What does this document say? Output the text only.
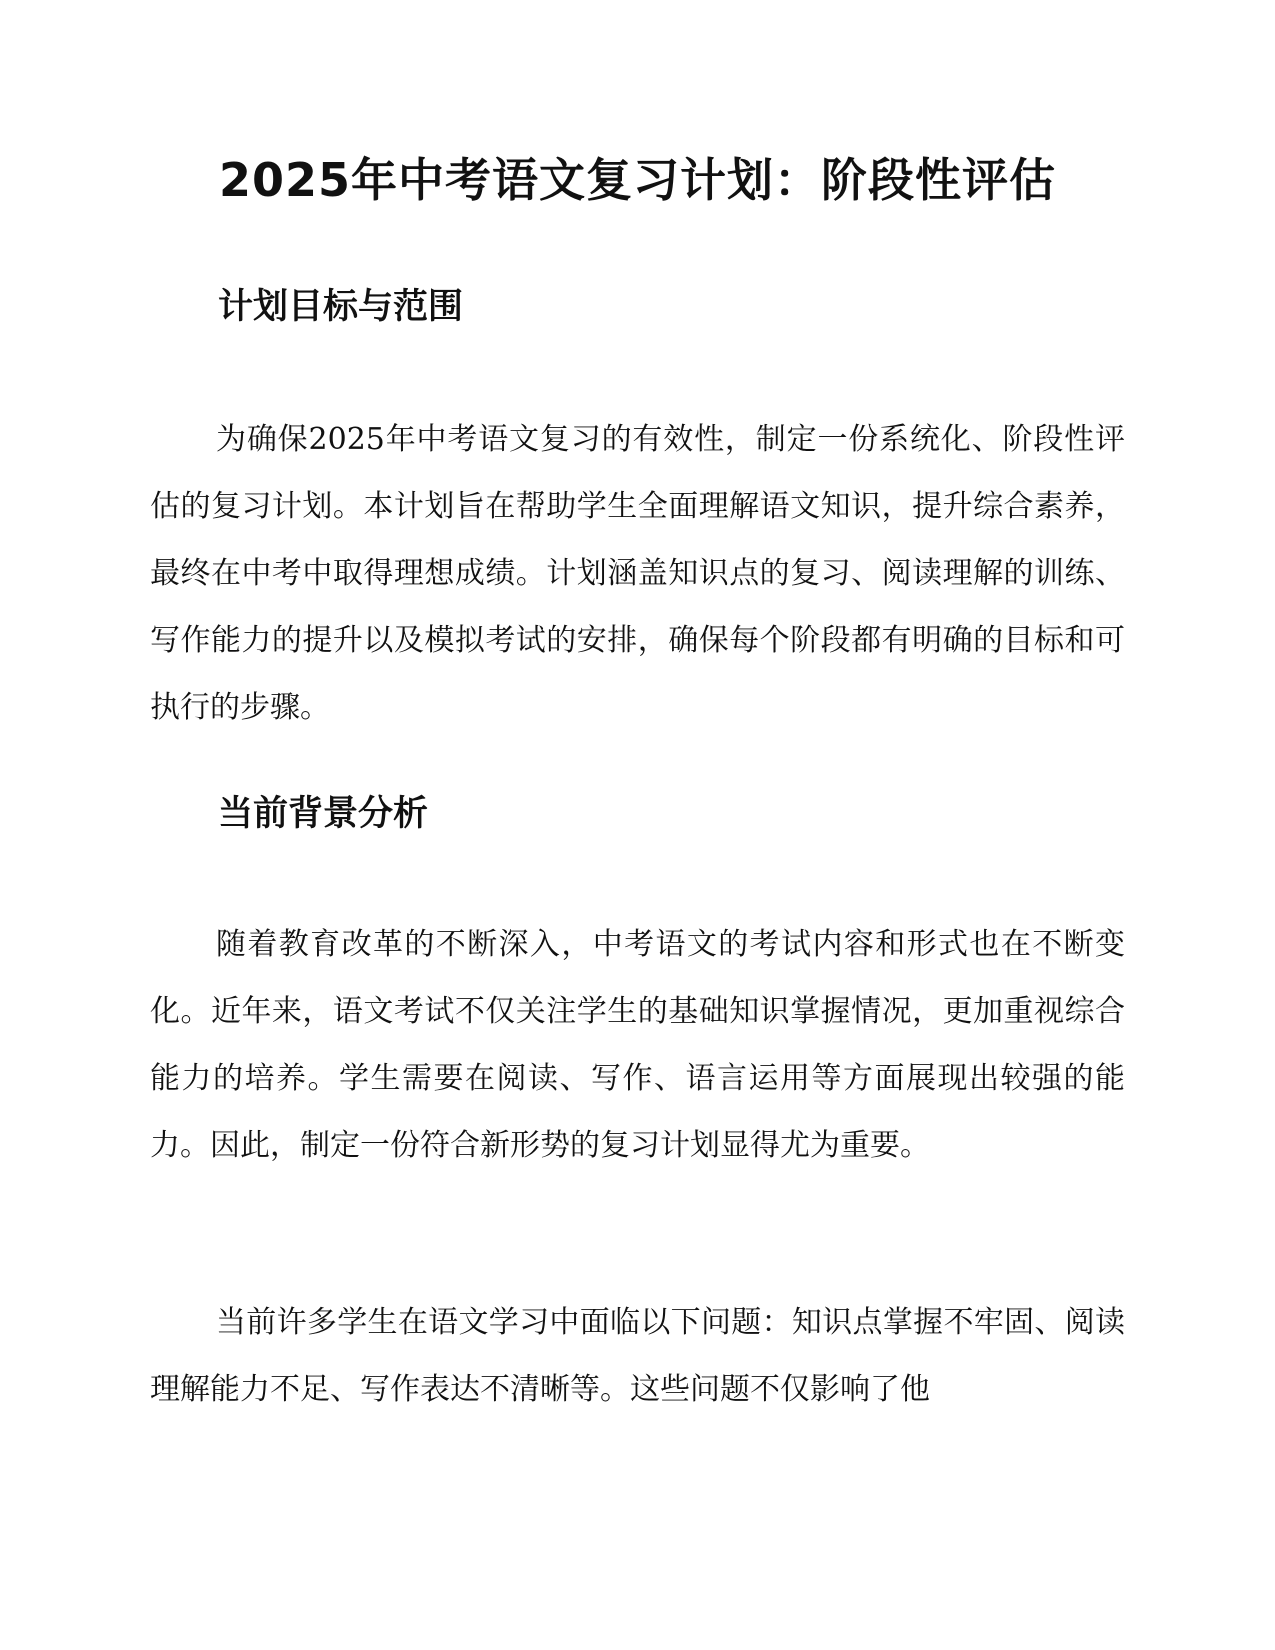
2025年中考语文复习计划：阶段性评估
计划目标与范围

为确保2025年中考语文复习的有效性，制定一份系统化、阶段性评估的复习计划。本计划旨在帮助学生全面理解语文知识，提升综合素养，最终在中考中取得理想成绩。计划涵盖知识点的复习、阅读理解的训练、写作能力的提升以及模拟考试的安排，确保每个阶段都有明确的目标和可执行的步骤。

当前背景分析

随着教育改革的不断深入，中考语文的考试内容和形式也在不断变化。近年来，语文考试不仅关注学生的基础知识掌握情况，更加重视综合能力的培养。学生需要在阅读、写作、语言运用等方面展现出较强的能力。因此，制定一份符合新形势的复习计划显得尤为重要。

当前许多学生在语文学习中面临以下问题：知识点掌握不牢固、阅读理解能力不足、写作表达不清晰等。这些问题不仅影响了他
